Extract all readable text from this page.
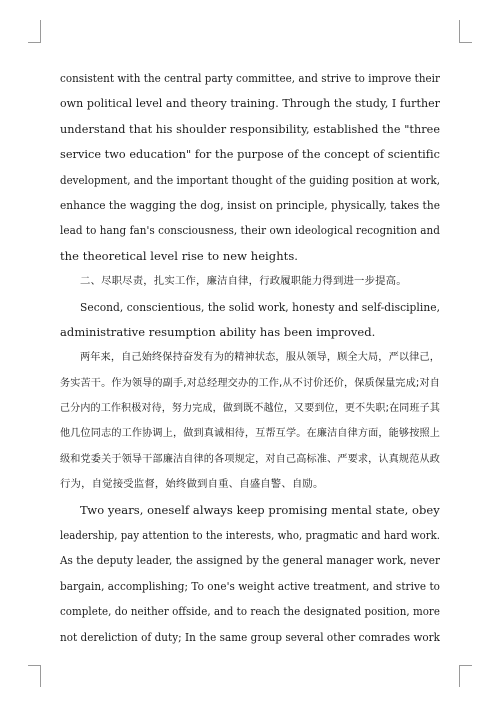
consistent with the central party committee, and strive to improve their
own political level and theory training. Through the study, I further
understand that his shoulder responsibility, established the "three
service two education" for the purpose of the concept of scientific
development, and the important thought of the guiding position at work,
enhance the wagging the dog, insist on principle, physically, takes the
lead to hang fan's consciousness, their own ideological recognition and
the theoretical level rise to new heights.

二、尽职尽责，扎实工作，廉洁自律，行政履职能力得到进一步提高。

Second, conscientious, the solid work, honesty and self-discipline,
administrative resumption ability has been improved.

两年来，自己始终保持奋发有为的精神状态，服从领导，顾全大局，严以律己，
务实苦干。作为领导的副手,对总经理交办的工作,从不讨价还价，保质保量完成;对自
己分内的工作积极对待，努力完成，做到既不越位，又要到位，更不失职;在同班子其
他几位同志的工作协调上，做到真诚相待，互帮互学。在廉洁自律方面，能够按照上
级和党委关于领导干部廉洁自律的各项规定，对自己高标准、严要求，认真规范从政
行为，自觉接受监督，始终做到自重、自盛自警、自励。

Two years, oneself always keep promising mental state, obey
leadership, pay attention to the interests, who, pragmatic and hard work.
As the deputy leader, the assigned by the general manager work, never
bargain, accomplishing; To one's weight active treatment, and strive to
complete, do neither offside, and to reach the designated position, more
not dereliction of duty; In the same group several other comrades work
